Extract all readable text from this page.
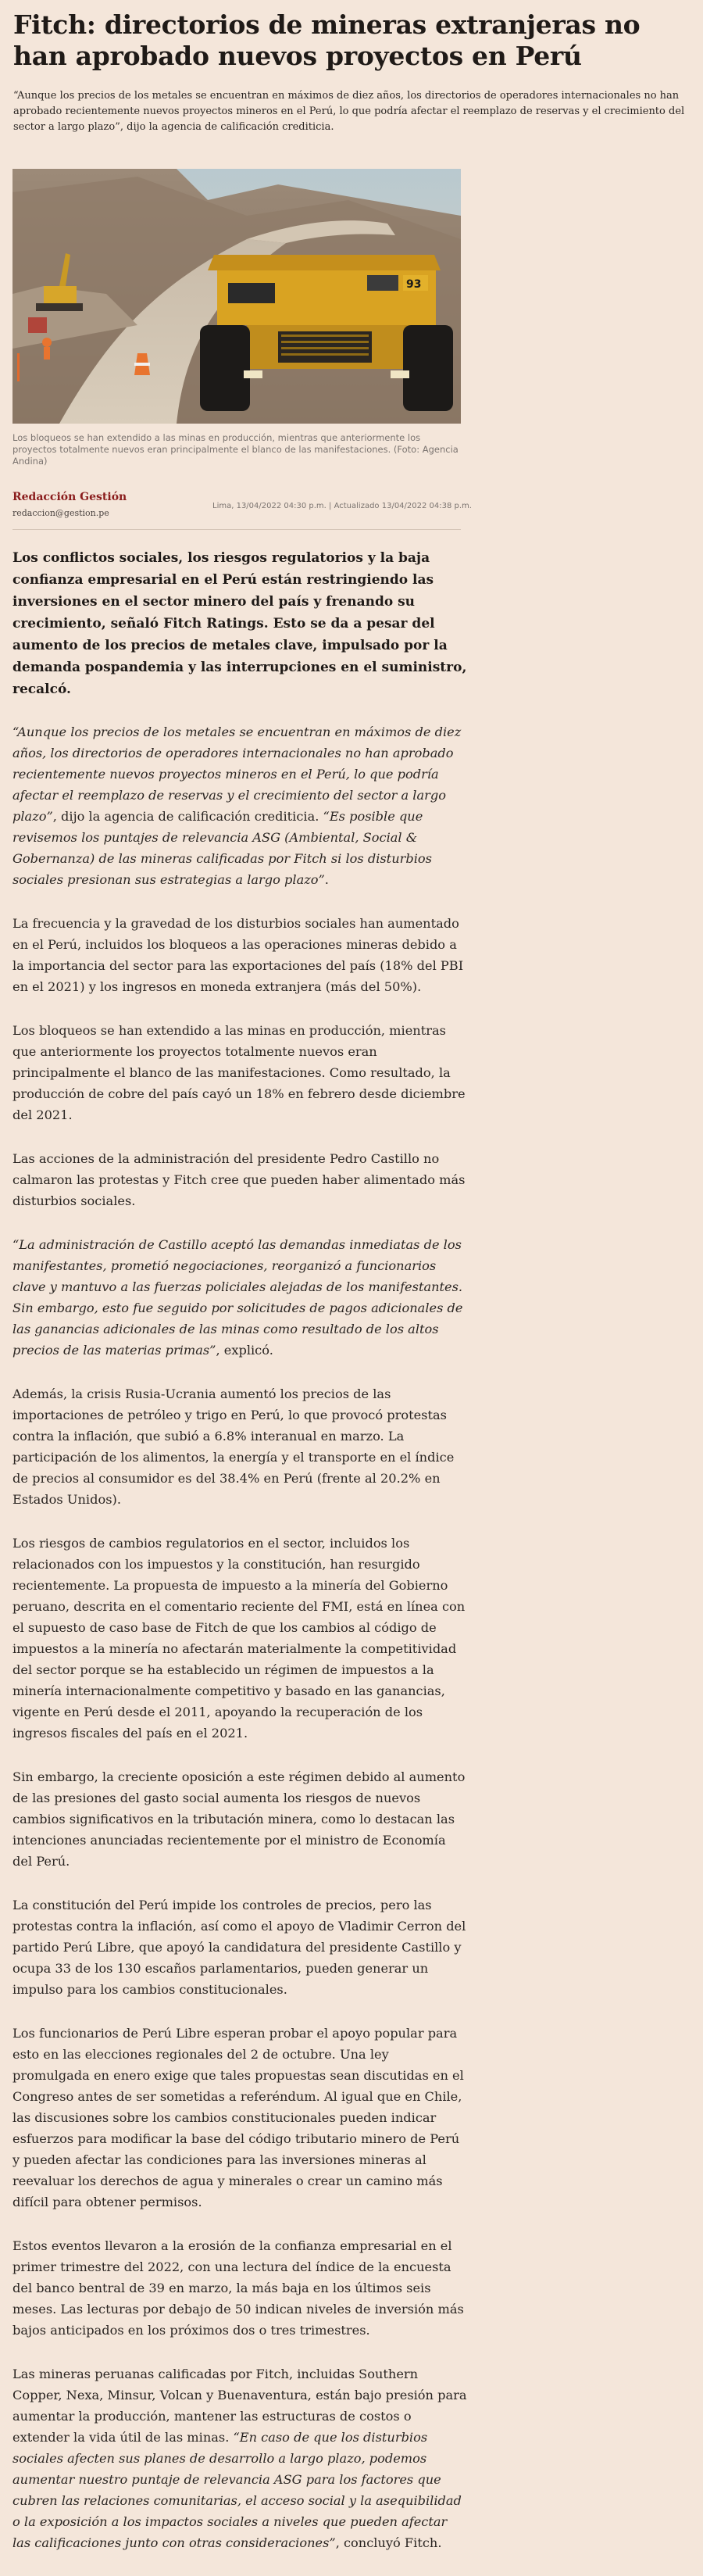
Fitch: directorios de mineras extranjeras no han aprobado nuevos proyectos en Perú

“Aunque los precios de los metales se encuentran en máximos de diez años, los directorios de operadores internacionales no han aprobado recientemente nuevos proyectos mineros en el Perú, lo que podría afectar el reemplazo de reservas y el crecimiento del sector a largo plazo”, dijo la agencia de calificación crediticia.

93

Los bloqueos se han extendido a las minas en producción, mientras que anteriormente los proyectos totalmente nuevos eran principalmente el blanco de las manifestaciones. (Foto: Agencia Andina)

Redacción Gestión
redaccion@gestion.pe
Lima, 13/04/2022 04:30 p.m. | Actualizado 13/04/2022 04:38 p.m.

Los conflictos sociales, los riesgos regulatorios y la baja confianza empresarial en el Perú están restringiendo las inversiones en el sector minero del país y frenando su crecimiento, señaló Fitch Ratings. Esto se da a pesar del aumento de los precios de metales clave, impulsado por la demanda pospandemia y las interrupciones en el suministro, recalcó.

“Aunque los precios de los metales se encuentran en máximos de diez años, los directorios de operadores internacionales no han aprobado recientemente nuevos proyectos mineros en el Perú, lo que podría afectar el reemplazo de reservas y el crecimiento del sector a largo plazo”, dijo la agencia de calificación crediticia. “Es posible que revisemos los puntajes de relevancia ASG (Ambiental, Social & Gobernanza) de las mineras calificadas por Fitch si los disturbios sociales presionan sus estrategias a largo plazo”.

La frecuencia y la gravedad de los disturbios sociales han aumentado en el Perú, incluidos los bloqueos a las operaciones mineras debido a la importancia del sector para las exportaciones del país (18% del PBI en el 2021) y los ingresos en moneda extranjera (más del 50%).

Los bloqueos se han extendido a las minas en producción, mientras que anteriormente los proyectos totalmente nuevos eran principalmente el blanco de las manifestaciones. Como resultado, la producción de cobre del país cayó un 18% en febrero desde diciembre del 2021.

Las acciones de la administración del presidente Pedro Castillo no calmaron las protestas y Fitch cree que pueden haber alimentado más disturbios sociales.

“La administración de Castillo aceptó las demandas inmediatas de los manifestantes, prometió negociaciones, reorganizó a funcionarios clave y mantuvo a las fuerzas policiales alejadas de los manifestantes. Sin embargo, esto fue seguido por solicitudes de pagos adicionales de las ganancias adicionales de las minas como resultado de los altos precios de las materias primas”, explicó.

Además, la crisis Rusia-Ucrania aumentó los precios de las importaciones de petróleo y trigo en Perú, lo que provocó protestas contra la inflación, que subió a 6.8% interanual en marzo. La participación de los alimentos, la energía y el transporte en el índice de precios al consumidor es del 38.4% en Perú (frente al 20.2% en Estados Unidos).

Los riesgos de cambios regulatorios en el sector, incluidos los relacionados con los impuestos y la constitución, han resurgido recientemente. La propuesta de impuesto a la minería del Gobierno peruano, descrita en el comentario reciente del FMI, está en línea con el supuesto de caso base de Fitch de que los cambios al código de impuestos a la minería no afectarán materialmente la competitividad del sector porque se ha establecido un régimen de impuestos a la minería internacionalmente competitivo y basado en las ganancias, vigente en Perú desde el 2011, apoyando la recuperación de los ingresos fiscales del país en el 2021.

Sin embargo, la creciente oposición a este régimen debido al aumento de las presiones del gasto social aumenta los riesgos de nuevos cambios significativos en la tributación minera, como lo destacan las intenciones anunciadas recientemente por el ministro de Economía del Perú.

La constitución del Perú impide los controles de precios, pero las protestas contra la inflación, así como el apoyo de Vladimir Cerron del partido Perú Libre, que apoyó la candidatura del presidente Castillo y ocupa 33 de los 130 escaños parlamentarios, pueden generar un impulso para los cambios constitucionales.

Los funcionarios de Perú Libre esperan probar el apoyo popular para esto en las elecciones regionales del 2 de octubre. Una ley promulgada en enero exige que tales propuestas sean discutidas en el Congreso antes de ser sometidas a referéndum. Al igual que en Chile, las discusiones sobre los cambios constitucionales pueden indicar esfuerzos para modificar la base del código tributario minero de Perú y pueden afectar las condiciones para las inversiones mineras al reevaluar los derechos de agua y minerales o crear un camino más difícil para obtener permisos.

Estos eventos llevaron a la erosión de la confianza empresarial en el primer trimestre del 2022, con una lectura del índice de la encuesta del banco bentral de 39 en marzo, la más baja en los últimos seis meses. Las lecturas por debajo de 50 indican niveles de inversión más bajos anticipados en los próximos dos o tres trimestres.

Las mineras peruanas calificadas por Fitch, incluidas Southern Copper, Nexa, Minsur, Volcan y Buenaventura, están bajo presión para aumentar la producción, mantener las estructuras de costos o extender la vida útil de las minas. “En caso de que los disturbios sociales afecten sus planes de desarrollo a largo plazo, podemos aumentar nuestro puntaje de relevancia ASG para los factores que cubren las relaciones comunitarias, el acceso social y la asequibilidad o la exposición a los impactos sociales a niveles que pueden afectar las calificaciones junto con otras consideraciones”, concluyó Fitch.
